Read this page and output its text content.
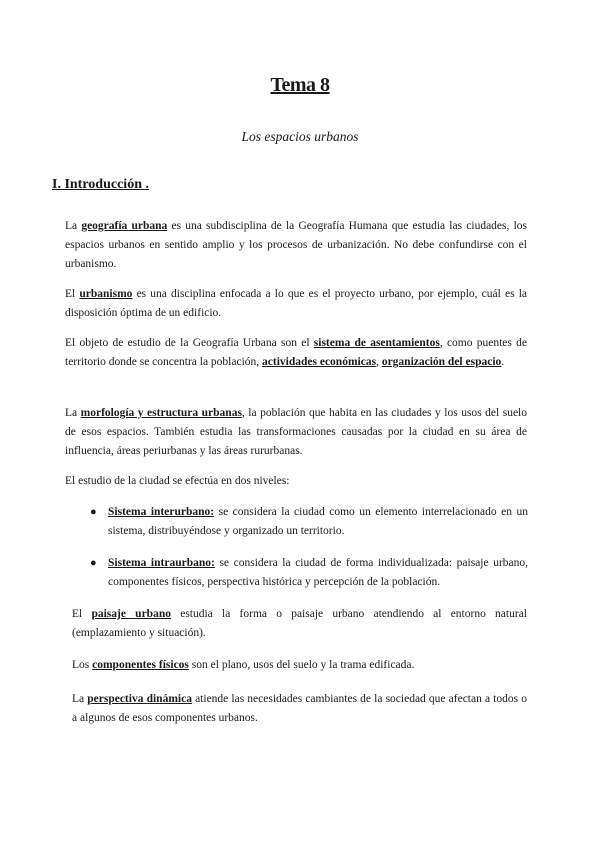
Tema 8
Los espacios urbanos
I. Introducción .
La geografía urbana es una subdisciplina de la Geografía Humana que estudia las ciudades, los espacios urbanos en sentido amplio y los procesos de urbanización. No debe confundirse con el urbanismo.
El urbanismo es una disciplina enfocada a lo que es el proyecto urbano, por ejemplo, cuál es la disposición óptima de un edificio.
El objeto de estudio de la Geografía Urbana son el sistema de asentamientos, como puentes de territorio donde se concentra la población, actividades económicas, organización del espacio.
La morfología y estructura urbanas, la población que habita en las ciudades y los usos del suelo de esos espacios. También estudia las transformaciones causadas por la ciudad en su área de influencia, áreas periurbanas y las áreas rururbanas.
El estudio de la ciudad se efectúa en dos niveles:
● Sistema interurbano: se considera la ciudad como un elemento interrelacionado en un sistema, distribuyéndose y organizado un territorio.
● Sistema intraurbano: se considera la ciudad de forma individualizada: paisaje urbano, componentes físicos, perspectiva histórica y percepción de la población.
El paisaje urbano estudia la forma o paisaje urbano atendiendo al entorno natural (emplazamiento y situación).
Los componentes físicos son el plano, usos del suelo y la trama edificada.
La perspectiva dinámica atiende las necesidades cambiantes de la sociedad que afectan a todos o a algunos de esos componentes urbanos.
